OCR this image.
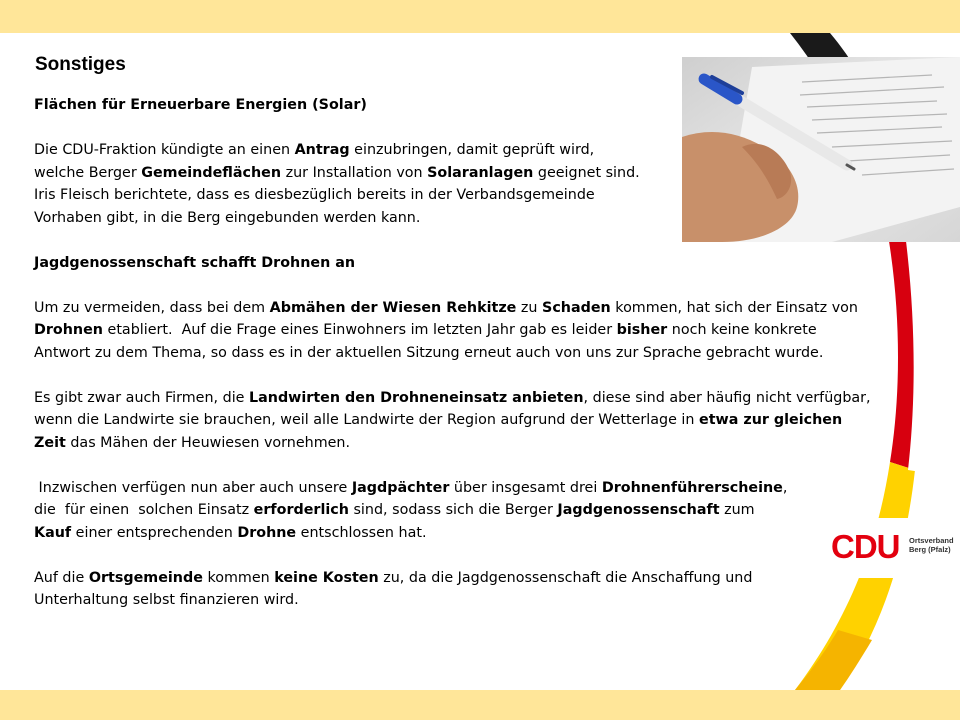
Sonstiges

Flächen für Erneuerbare Energien (Solar)

Die CDU-Fraktion kündigte an einen Antrag einzubringen, damit geprüft wird,

welche Berger Gemeindeflächen zur Installation von Solaranlagen geeignet sind.

Iris Fleisch berichtete, dass es diesbezüglich bereits in der Verbandsgemeinde

Vorhaben gibt, in die Berg eingebunden werden kann.

Jagdgenossenschaft schafft Drohnen an

Um zu vermeiden, dass bei dem Abmähen der Wiesen Rehkitze zu Schaden kommen, hat sich der Einsatz von

Drohnen etabliert.  Auf die Frage eines Einwohners im letzten Jahr gab es leider bisher noch keine konkrete

Antwort zu dem Thema, so dass es in der aktuellen Sitzung erneut auch von uns zur Sprache gebracht wurde.

Es gibt zwar auch Firmen, die Landwirten den Drohneneinsatz anbieten, diese sind aber häufig nicht verfügbar,

wenn die Landwirte sie brauchen, weil alle Landwirte der Region aufgrund der Wetterlage in etwa zur gleichen

Zeit das Mähen der Heuwiesen vornehmen.

Inzwischen verfügen nun aber auch unsere Jagdpächter über insgesamt drei Drohnenführerscheine,

die  für einen  solchen Einsatz erforderlich sind, sodass sich die Berger Jagdgenossenschaft zum

Kauf einer entsprechenden Drohne entschlossen hat.

Auf die Ortsgemeinde kommen keine Kosten zu, da die Jagdgenossenschaft die Anschaffung und

Unterhaltung selbst finanzieren wird.

CDU Ortsverband
Berg (Pfalz)
